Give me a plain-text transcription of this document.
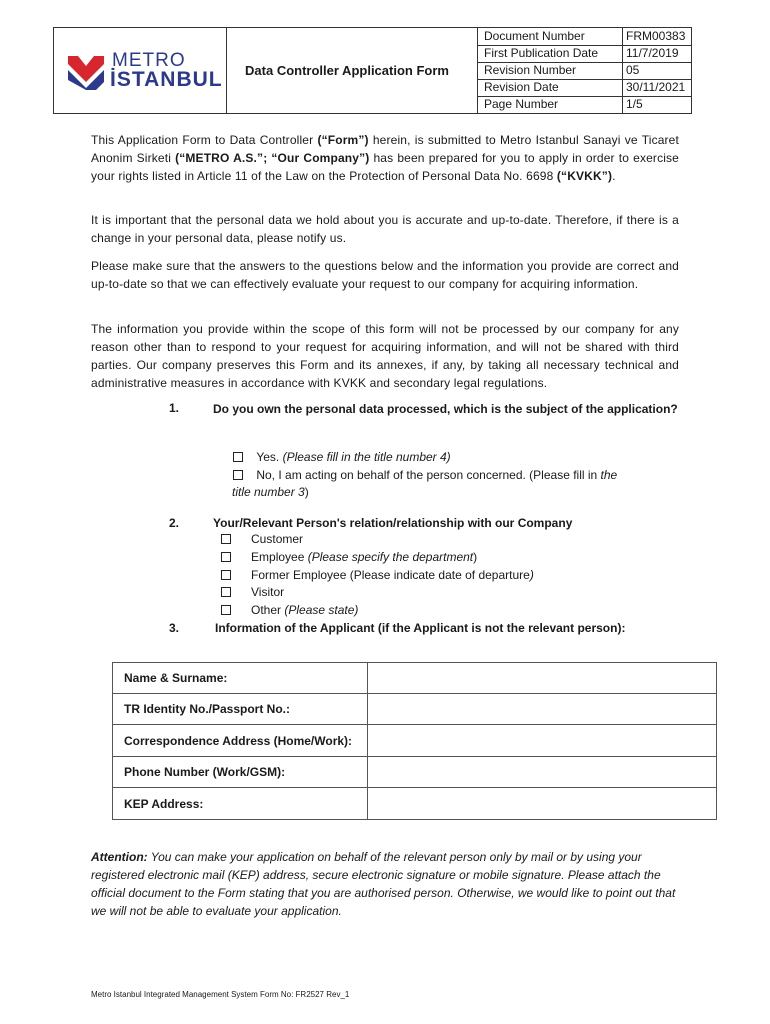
METRO
İSTANBUL	Data Controller Application Form
Document Number	FRM00383
First Publication Date 11/7/2019
Revision Number	05
Revision Date	30/11/2021
Page Number	1/5
This Application Form to Data Controller (“Form”) herein, is submitted to Metro Istanbul Sanayi ve Ticaret Anonim Sirketi (“METRO A.S.”; “Our Company”) has been prepared for you to apply in order to exercise your rights listed in Article 11 of the Law on the Protection of Personal Data No. 6698 (“KVKK”).
It is important that the personal data we hold about you is accurate and up-to-date. Therefore, if there is a change in your personal data, please notify us.
Please make sure that the answers to the questions below and the information you provide are correct and up-to-date so that we can effectively evaluate your request to our company for acquiring information.
The information you provide within the scope of this form will not be processed by our company for any reason other than to respond to your request for acquiring information, and will not be shared with third parties. Our company preserves this Form and its annexes, if any, by taking all necessary technical and administrative measures in accordance with KVKK and secondary legal regulations.
1.	Do you own the personal data processed, which is the subject of the application?
Yes. (Please fill in the title number 4)
No, I am acting on behalf of the person concerned. (Please fill in the
title number 3)
2.	Your/Relevant Person's relation/relationship with our Company
Customer
Employee (Please specify the department)
Former Employee (Please indicate date of departure)
Visitor
Other (Please state)
3.	Information of the Applicant (if the Applicant is not the relevant person):
Name & Surname:
TR Identity No./Passport No.:
Correspondence Address (Home/Work):
Phone Number (Work/GSM):
KEP Address:
Attention: You can make your application on behalf of the relevant person only by mail or by using your registered electronic mail (KEP) address, secure electronic signature or mobile signature. Please attach the official document to the Form stating that you are authorised person. Otherwise, we would like to point out that we will not be able to evaluate your application.
Metro Istanbul Integrated Management System Form No: FR2527 Rev_1
